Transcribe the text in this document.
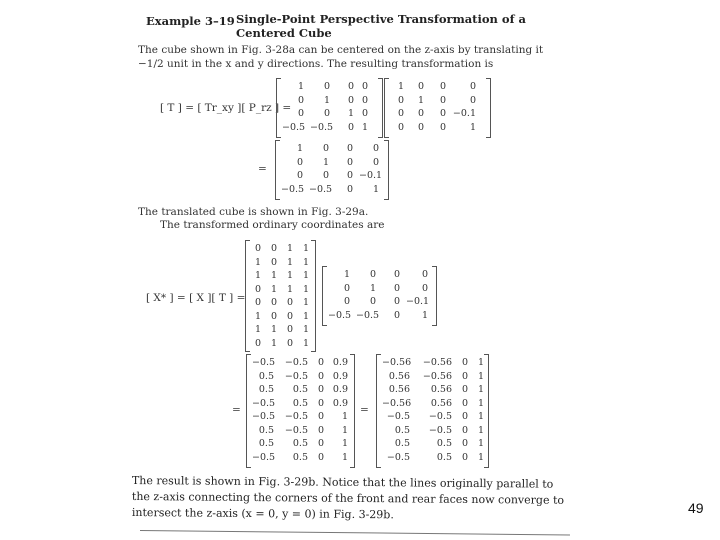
Example 3–19 Single-Point Perspective Transformation of a
Centered Cube
The cube shown in Fig. 3-28a can be centered on the z-axis by translating it
−1/2 unit in the x and y directions. The resulting transformation is
[ T ] = [ Tr_xy ][ P_rz ] =
1	0	0 0
0	1	0 0
0	0	1 0
−0.5 −0.5	0 1
1	0	0	0
0	1	0	0
0	0	0 −0.1
0	0	0	1
=
1	0	0	0
0	1	0	0
0	0	0 −0.1
−0.5 −0.5	0	1
The translated cube is shown in Fig. 3-29a.
The transformed ordinary coordinates are
[ X* ] = [ X ][ T ] =
0	0	1	1
1	0	1	1
1	1	1	1
0	1	1	1
0	0	0	1
1	0	0	1
1	1	0	1
0	1	0	1
1	0	0	0
0	1	0	0
0	0	0 −0.1
−0.5 −0.5	0	1
=
−0.5	−0.5	0 0.9
0.5	−0.5	0 0.9
0.5	0.5	0 0.9
−0.5	0.5	0 0.9
−0.5	−0.5	0	1
0.5	−0.5	0	1
0.5	0.5	0	1
−0.5	0.5	0	1
=
−0.56	−0.56	0	1
0.56	−0.56	0	1
0.56	0.56	0	1
−0.56	0.56	0	1
−0.5	−0.5	0	1
0.5	−0.5	0	1
0.5	0.5	0	1
−0.5	0.5	0	1
The result is shown in Fig. 3-29b. Notice that the lines originally parallel to
the z-axis connecting the corners of the front and rear faces now converge to
intersect the z-axis (x = 0, y = 0) in Fig. 3-29b.	49
